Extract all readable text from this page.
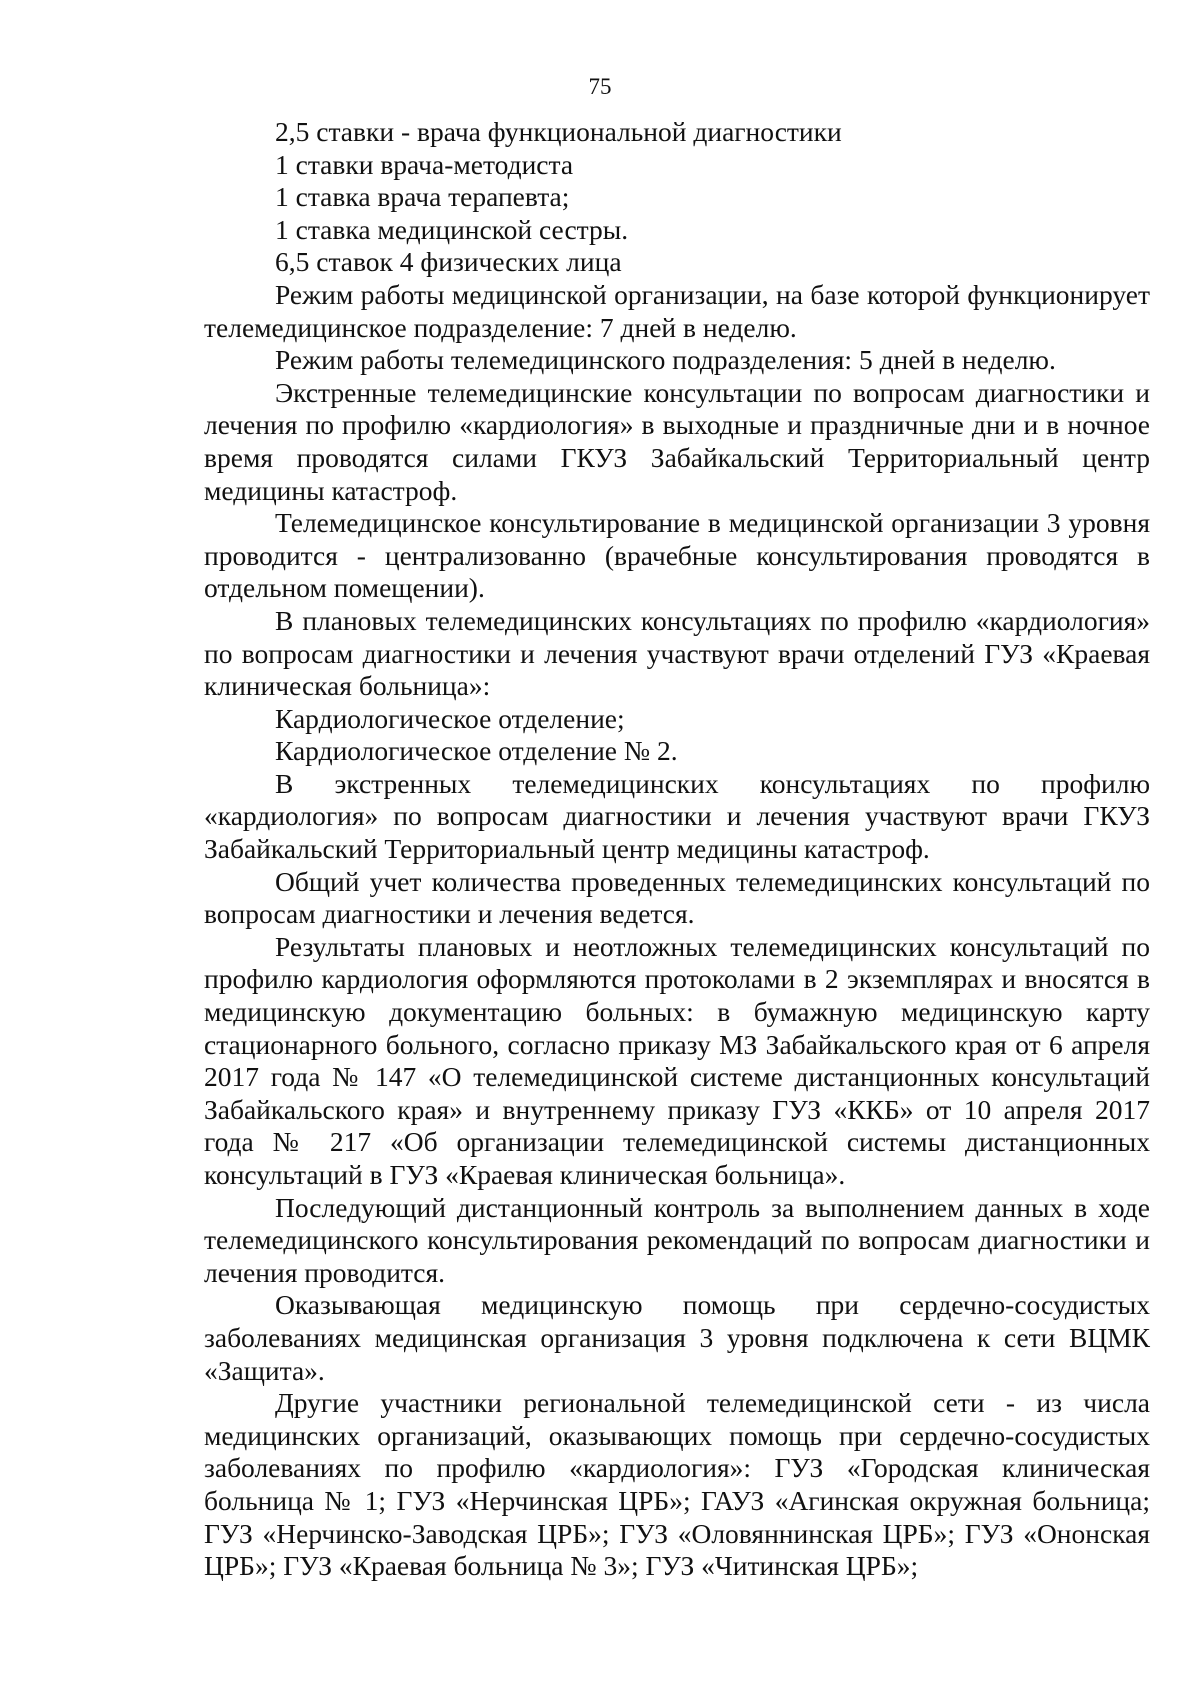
75

2,5 ставки - врача функциональной диагностики

1 ставки врача-методиста

1 ставка врача терапевта;

1 ставка медицинской сестры.

6,5 ставок 4 физических лица

Режим работы медицинской организации, на базе которой функционирует телемедицинское подразделение: 7 дней в неделю.

Режим работы телемедицинского подразделения: 5 дней в неделю.

Экстренные телемедицинские консультации по вопросам диагностики и лечения по профилю «кардиология» в выходные и праздничные дни и в ночное время проводятся силами ГКУЗ Забайкальский Территориальный центр медицины катастроф.

Телемедицинское консультирование в медицинской организации 3 уровня проводится - централизованно (врачебные консультирования проводятся в отдельном помещении).

В плановых телемедицинских консультациях по профилю «кардиология» по вопросам диагностики и лечения участвуют врачи отделений ГУЗ «Краевая клиническая больница»:

Кардиологическое отделение;

Кардиологическое отделение № 2.

В экстренных телемедицинских консультациях по профилю «кардиология» по вопросам диагностики и лечения участвуют врачи ГКУЗ Забайкальский Территориальный центр медицины катастроф.

Общий учет количества проведенных телемедицинских консультаций по вопросам диагностики и лечения ведется.

Результаты плановых и неотложных телемедицинских консультаций по профилю кардиология оформляются протоколами в 2 экземплярах и вносятся в медицинскую документацию больных: в бумажную медицинскую карту стационарного больного, согласно приказу МЗ Забайкальского края от 6 апреля 2017 года № 147 «О телемедицинской системе дистанционных консультаций Забайкальского края» и внутреннему приказу ГУЗ «ККБ» от 10 апреля 2017 года № 217 «Об организации телемедицинской системы дистанционных консультаций в ГУЗ «Краевая клиническая больница».

Последующий дистанционный контроль за выполнением данных в ходе телемедицинского консультирования рекомендаций по вопросам диагностики и лечения проводится.

Оказывающая медицинскую помощь при сердечно-сосудистых заболеваниях медицинская организация 3 уровня подключена к сети ВЦМК «Защита».

Другие участники региональной телемедицинской сети - из числа медицинских организаций, оказывающих помощь при сердечно-сосудистых заболеваниях по профилю «кардиология»: ГУЗ «Городская клиническая больница № 1; ГУЗ «Нерчинская ЦРБ»; ГАУЗ «Агинская окружная больница; ГУЗ «Нерчинско-Заводская ЦРБ»; ГУЗ «Оловяннинская ЦРБ»; ГУЗ «Ононская ЦРБ»; ГУЗ «Краевая больница № 3»; ГУЗ «Читинская ЦРБ»;
